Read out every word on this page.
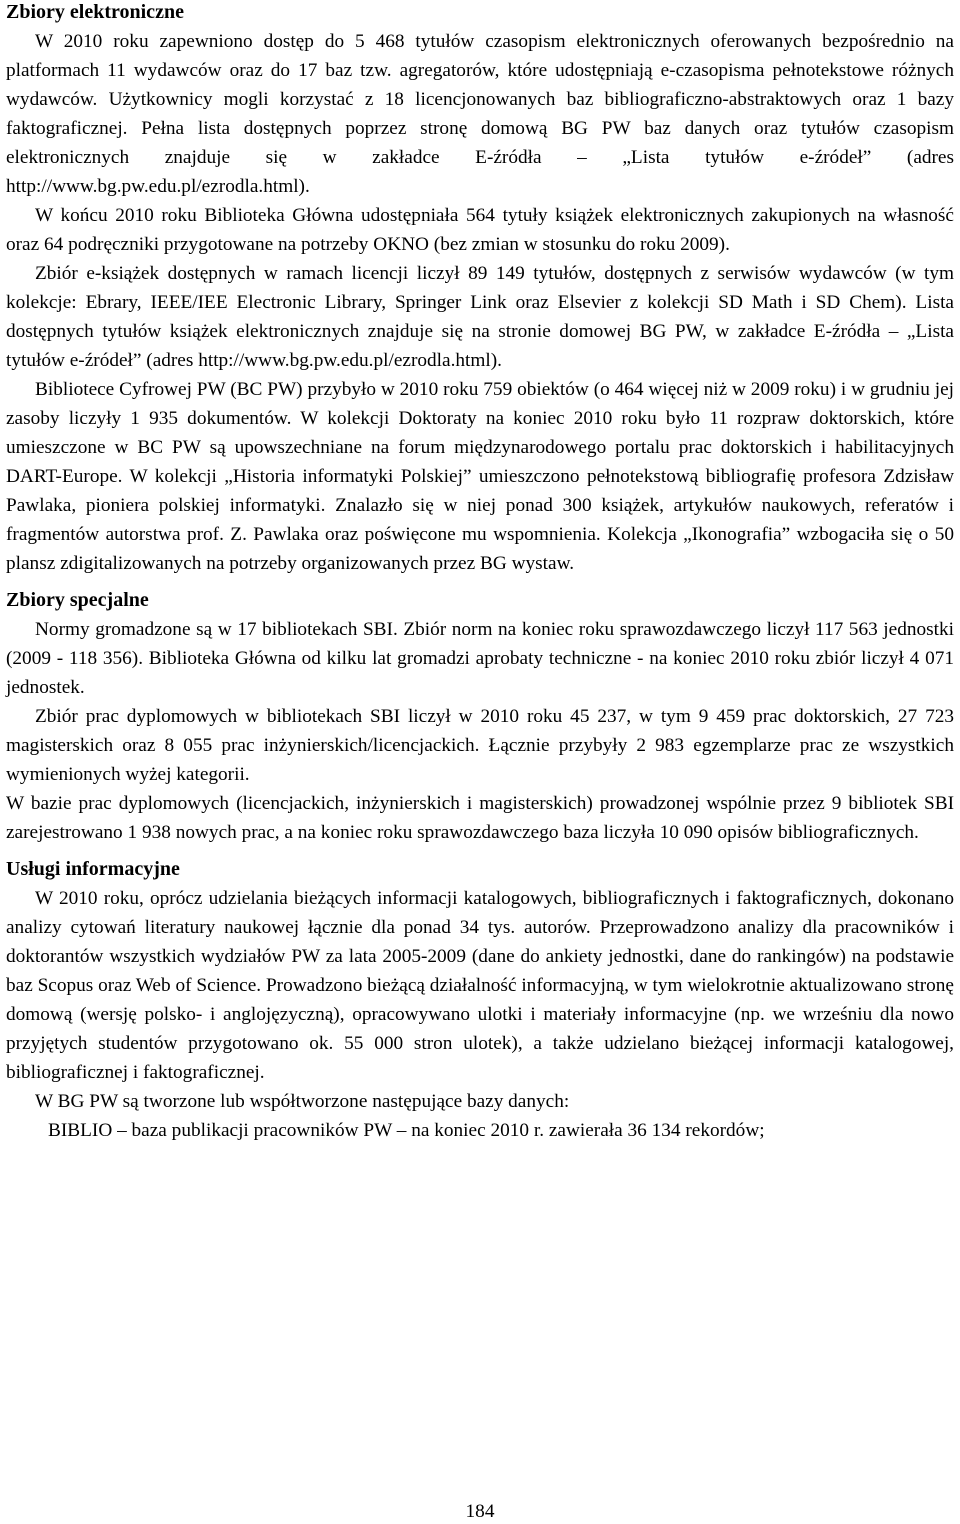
Zbiory elektroniczne

W 2010 roku zapewniono dostęp do 5 468 tytułów czasopism elektronicznych oferowanych bezpośrednio na platformach 11 wydawców oraz do 17 baz tzw. agregatorów, które udostępniają e-czasopisma pełnotekstowe różnych wydawców. Użytkownicy mogli korzystać z 18 licencjonowanych baz bibliograficzno-abstraktowych oraz 1 bazy faktograficznej. Pełna lista dostępnych poprzez stronę domową BG PW baz danych oraz tytułów czasopism elektronicznych znajduje się w zakładce E-źródła – „Lista tytułów e-źródeł” (adres http://www.bg.pw.edu.pl/ezrodla.html).

W końcu 2010 roku Biblioteka Główna udostępniała 564 tytuły książek elektronicznych zakupionych na własność oraz 64 podręczniki przygotowane na potrzeby OKNO (bez zmian w stosunku do roku 2009).

Zbiór e-książek dostępnych w ramach licencji liczył 89 149 tytułów, dostępnych z serwisów wydawców (w tym kolekcje: Ebrary, IEEE/IEE Electronic Library, Springer Link oraz Elsevier z kolekcji SD Math i SD Chem). Lista dostępnych tytułów książek elektronicznych znajduje się na stronie domowej BG PW, w zakładce E-źródła – „Lista tytułów e-źródeł” (adres http://www.bg.pw.edu.pl/ezrodla.html).

Bibliotece Cyfrowej PW (BC PW) przybyło w 2010 roku 759 obiektów (o 464 więcej niż w 2009 roku) i w grudniu jej zasoby liczyły 1 935 dokumentów. W kolekcji Doktoraty na koniec 2010 roku było 11 rozpraw doktorskich, które umieszczone w BC PW są upowszechniane na forum międzynarodowego portalu prac doktorskich i habilitacyjnych DART-Europe. W kolekcji „Historia informatyki Polskiej” umieszczono pełnotekstową bibliografię profesora Zdzisław Pawlaka, pioniera polskiej informatyki. Znalazło się w niej ponad 300 książek, artykułów naukowych, referatów i fragmentów autorstwa prof. Z. Pawlaka oraz poświęcone mu wspomnienia. Kolekcja „Ikonografia” wzbogaciła się o 50 plansz zdigitalizowanych na potrzeby organizowanych przez BG wystaw.

Zbiory specjalne

Normy gromadzone są w 17 bibliotekach SBI. Zbiór norm na koniec roku sprawozdawczego liczył 117 563 jednostki (2009 - 118 356). Biblioteka Główna od kilku lat gromadzi aprobaty techniczne - na koniec 2010 roku zbiór liczył 4 071 jednostek.

Zbiór prac dyplomowych w bibliotekach SBI liczył w 2010 roku 45 237, w tym 9 459 prac doktorskich, 27 723 magisterskich oraz 8 055 prac inżynierskich/licencjackich. Łącznie przybyły 2 983 egzemplarze prac ze wszystkich wymienionych wyżej kategorii.

W bazie prac dyplomowych (licencjackich, inżynierskich i magisterskich) prowadzonej wspólnie przez 9 bibliotek SBI zarejestrowano 1 938 nowych prac, a na koniec roku sprawozdawczego baza liczyła 10 090 opisów bibliograficznych.

Usługi informacyjne

W 2010 roku, oprócz udzielania bieżących informacji katalogowych, bibliograficznych i faktograficznych, dokonano analizy cytowań literatury naukowej łącznie dla ponad 34 tys. autorów. Przeprowadzono analizy dla pracowników i doktorantów wszystkich wydziałów PW za lata 2005-2009 (dane do ankiety jednostki, dane do rankingów) na podstawie baz Scopus oraz Web of Science. Prowadzono bieżącą działalność informacyjną, w tym wielokrotnie aktualizowano stronę domową (wersję polsko- i anglojęzyczną), opracowywano ulotki i materiały informacyjne (np. we wrześniu dla nowo przyjętych studentów przygotowano ok. 55 000 stron ulotek), a także udzielano bieżącej informacji katalogowej, bibliograficznej i faktograficznej.

W BG PW są tworzone lub współtworzone następujące bazy danych:

BIBLIO – baza publikacji pracowników PW – na koniec 2010 r. zawierała 36 134 rekordów;

184
